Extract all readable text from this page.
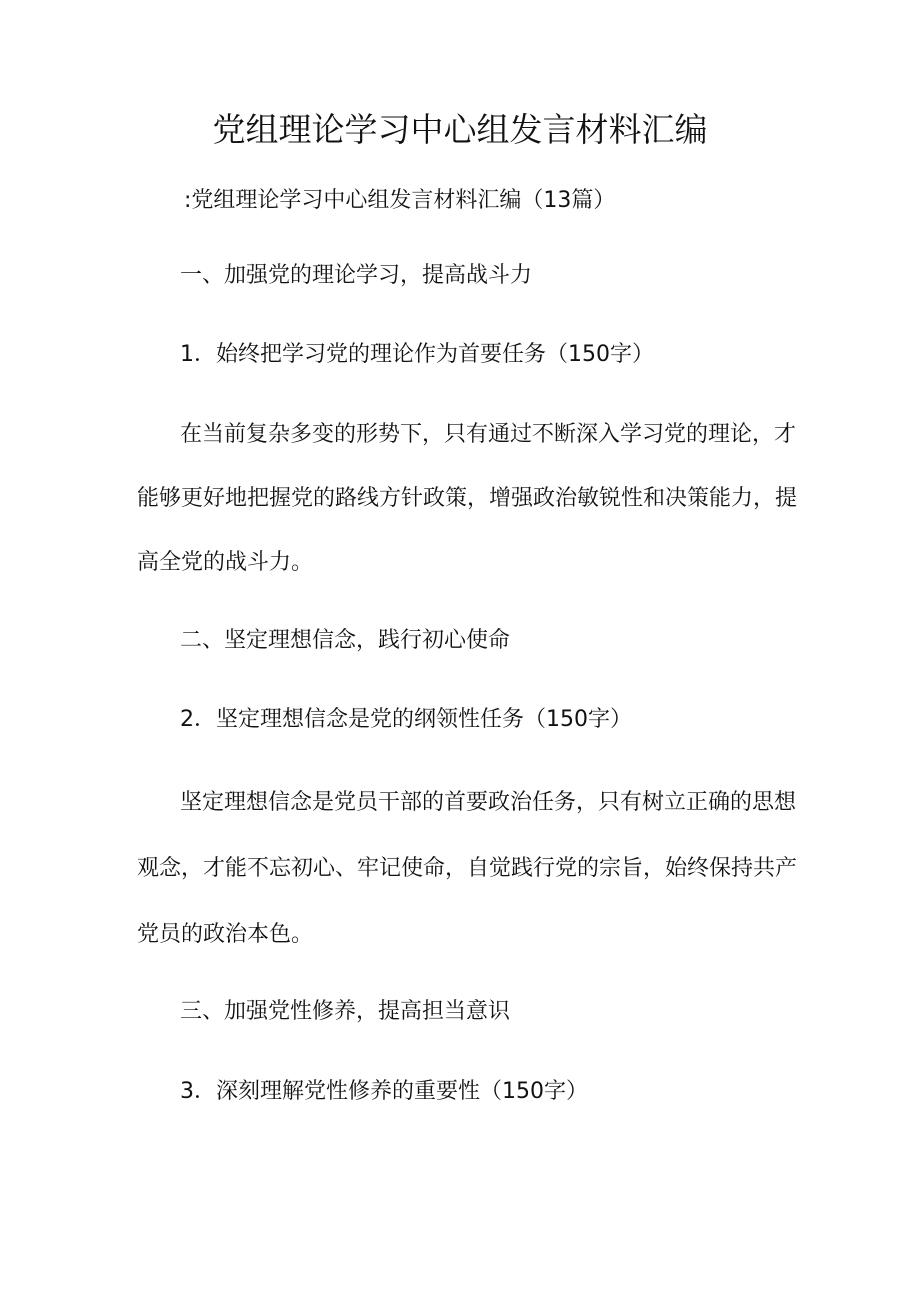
党组理论学习中心组发言材料汇编
:党组理论学习中心组发言材料汇编（13篇）
一、加强党的理论学习，提高战斗力
1．始终把学习党的理论作为首要任务（150字）
在当前复杂多变的形势下，只有通过不断深入学习党的理论，才
能够更好地把握党的路线方针政策，增强政治敏锐性和决策能力，提
高全党的战斗力。
二、坚定理想信念，践行初心使命
2．坚定理想信念是党的纲领性任务（150字）
坚定理想信念是党员干部的首要政治任务，只有树立正确的思想
观念，才能不忘初心、牢记使命，自觉践行党的宗旨，始终保持共产
党员的政治本色。
三、加强党性修养，提高担当意识
3．深刻理解党性修养的重要性（150字）
